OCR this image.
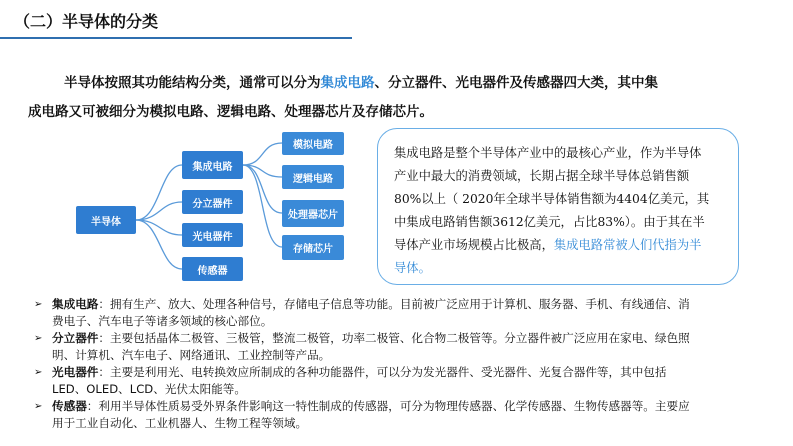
（二）半导体的分类
半导体按照其功能结构分类，通常可以分为集成电路、分立器件、光电器件及传感器四大类，其中集
成电路又可被细分为模拟电路、逻辑电路、处理器芯片及存储芯片。
半导体
集成电路
分立器件
光电器件
传感器
模拟电路
逻辑电路
处理器芯片
存储芯片
集成电路是整个半导体产业中的最核心产业，作为半导体
产业中最大的消费领域，长期占据全球半导体总销售额
80%以上（ 2020年全球半导体销售额为4404亿美元，其
中集成电路销售额3612亿美元，占比83%）。由于其在半
导体产业市场规模占比极高，集成电路常被人们代指为半
导体。
➢ 集成电路：拥有生产、放大、处理各种信号，存储电子信息等功能。目前被广泛应用于计算机、服务器、手机、有线通信、消
费电子、汽车电子等诸多领域的核心部位。
➢ 分立器件：主要包括晶体二极管、三极管，整流二极管，功率二极管、化合物二极管等。分立器件被广泛应用在家电、绿色照
明、计算机、汽车电子、网络通讯、工业控制等产品。
➢ 光电器件：主要是利用光、电转换效应所制成的各种功能器件，可以分为发光器件、受光器件、光复合器件等，其中包括
LED、OLED、LCD、光伏太阳能等。
➢ 传感器：利用半导体性质易受外界条件影响这一特性制成的传感器，可分为物理传感器、化学传感器、生物传感器等。主要应
用于工业自动化、工业机器人、生物工程等领域。
